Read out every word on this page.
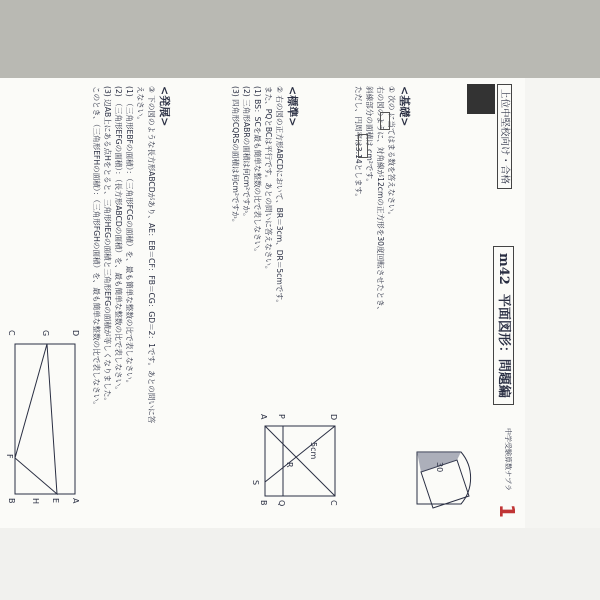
1
中学受験算数ナプラ
m42  平面図形：問題編
上位中堅校向け・合格
<基礎>
① 次の に当てはまる数を答えなさい。
右の図のように、対角線が12cmの正方形を30度回転させたとき、
斜線部分の面積は cm²です。
ただし、円周率は3.14とします。
30
<標準>
② 右の図の正方形ABCDにおいて、BR＝3cm、DR＝5cmです。
また、PQとBCは平行です。あとの問いに答えなさい。
(1) BS：SCを最も簡単な整数の比で表しなさい。
(2) 三角形ABRの面積は何cm²ですか。
(3) 四角形CQRSの面積は何cm²ですか。
D
A
C
B
P
Q
R
S
5cm
<発展>
③ 下の図のような長方形ABCDがあり、AE：EB＝CF：FB＝CG：GD＝2：1です。あとの問いに答
えなさい。
(1) （三角形EBFの面積）：（三角形FCGの面積）を、最も簡単な整数の比で表しなさい。
(2) （三角形EFGの面積）：（長方形ABCDの面積）を、最も簡単な整数の比で表しなさい。
(3) 辺AB上にある点Hをとると、三角形HEGの面積と三角形EFGの面積が等しくなりました。
このとき、（三角形EFHの面積）：（三角形FGHの面積）を、最も簡単な整数の比で表しなさい。
D
C
A
B
G
F
E
H
